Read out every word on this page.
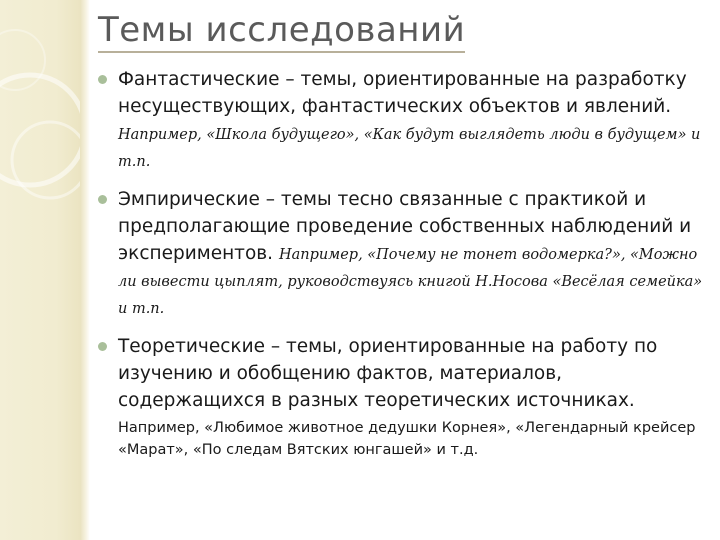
Темы исследований
Фантастические – темы, ориентированные на разработку несуществующих, фантастических объектов и явлений. Например, «Школа будущего», «Как будут выглядеть люди в будущем» и т.п.
Эмпирические – темы тесно связанные с практикой и предполагающие проведение собственных наблюдений и экспериментов. Например, «Почему не тонет водомерка?», «Можно ли вывести цыплят, руководствуясь книгой Н.Носова «Весёлая семейка» и т.п.
Теоретические – темы, ориентированные на работу по изучению и обобщению фактов, материалов, содержащихся в разных теоретических источниках.
Например, «Любимое животное дедушки Корнея», «Легендарный крейсер «Марат», «По следам Вятских юнгашей» и т.д.
